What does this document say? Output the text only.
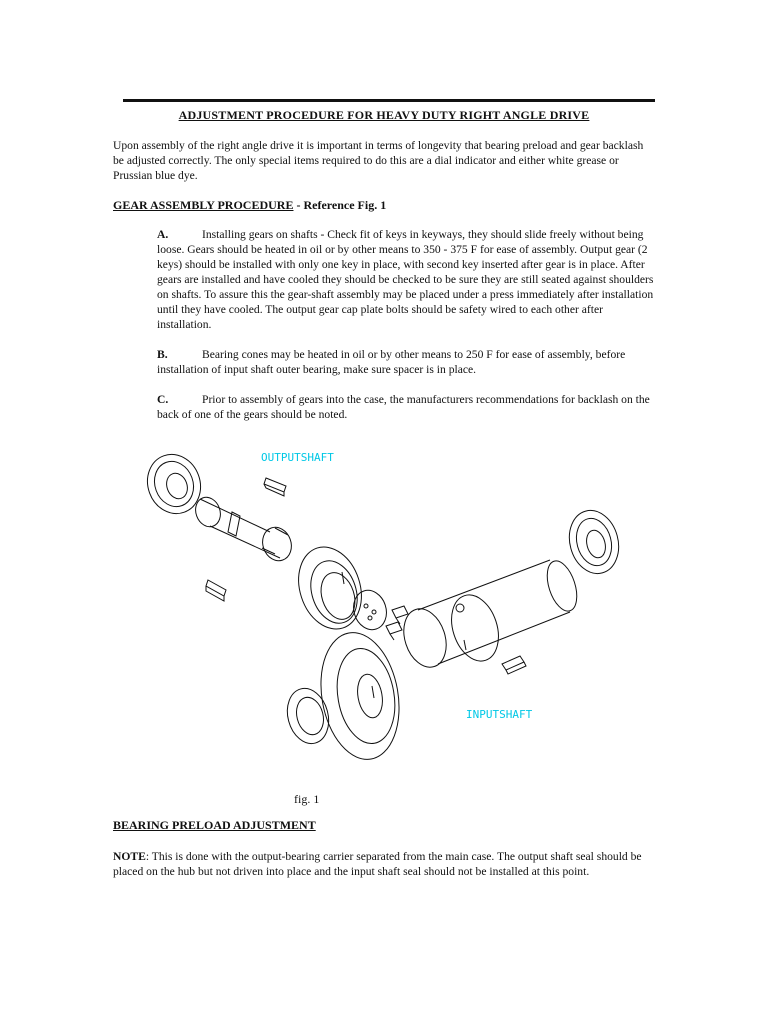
ADJUSTMENT PROCEDURE FOR HEAVY DUTY RIGHT ANGLE DRIVE

Upon assembly of the right angle drive it is important in terms of longevity that bearing preload and gear backlash be adjusted correctly. The only special items required to do this are a dial indicator and either white grease or Prussian blue dye.

GEAR ASSEMBLY PROCEDURE - Reference Fig. 1

A.	Installing gears on shafts - Check fit of keys in keyways, they should slide freely without being loose. Gears should be heated in oil or by other means to 350 - 375 F for ease of assembly. Output gear (2 keys) should be installed with only one key in place, with second key inserted after gear is in place. After gears are installed and have cooled they should be checked to be sure they are still seated against shoulders on shafts. To assure this the gear-shaft assembly may be placed under a press immediately after installation until they have cooled. The output gear cap plate bolts should be safety wired to each other after installation.

B.	Bearing cones may be heated in oil or by other means to 250 F for ease of assembly, before installation of input shaft outer bearing, make sure spacer is in place.

C.	Prior to assembly of gears into the case, the manufacturers recommendations for backlash on the back of one of the gears should be noted.

OUTPUTSHAFT
INPUTSHAFT
fig. 1
BEARING PRELOAD ADJUSTMENT

NOTE: This is done with the output-bearing carrier separated from the main case. The output shaft seal should be placed on the hub but not driven into place and the input shaft seal should not be installed at this point.
